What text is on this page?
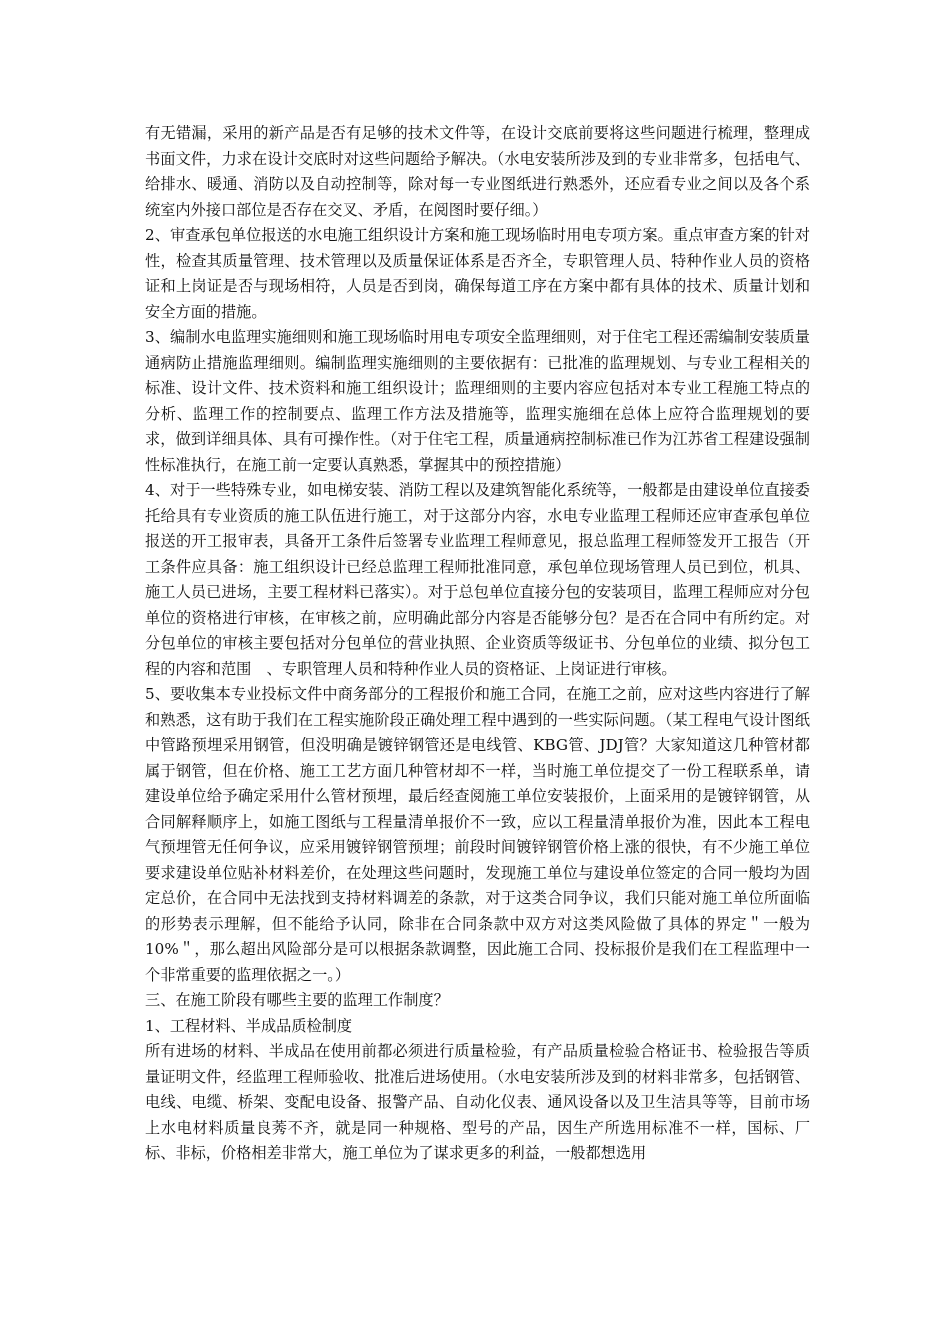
有无错漏，采用的新产品是否有足够的技术文件等，在设计交底前要将这些问题进行梳理，整理成书面文件，力求在设计交底时对这些问题给予解决。（水电安装所涉及到的专业非常多，包括电气、给排水、暖通、消防以及自动控制等，除对每一专业图纸进行熟悉外，还应看专业之间以及各个系统室内外接口部位是否存在交叉、矛盾，在阅图时要仔细。）

2、审查承包单位报送的水电施工组织设计方案和施工现场临时用电专项方案。重点审查方案的针对性，检查其质量管理、技术管理以及质量保证体系是否齐全，专职管理人员、特种作业人员的资格证和上岗证是否与现场相符，人员是否到岗，确保每道工序在方案中都有具体的技术、质量计划和安全方面的措施。

3、编制水电监理实施细则和施工现场临时用电专项安全监理细则，对于住宅工程还需编制安装质量通病防止措施监理细则。编制监理实施细则的主要依据有：已批准的监理规划、与专业工程相关的标准、设计文件、技术资料和施工组织设计；监理细则的主要内容应包括对本专业工程施工特点的分析、监理工作的控制要点、监理工作方法及措施等，监理实施细在总体上应符合监理规划的要求，做到详细具体、具有可操作性。（对于住宅工程，质量通病控制标准已作为江苏省工程建设强制性标准执行，在施工前一定要认真熟悉，掌握其中的预控措施）

4、对于一些特殊专业，如电梯安装、消防工程以及建筑智能化系统等，一般都是由建设单位直接委托给具有专业资质的施工队伍进行施工，对于这部分内容，水电专业监理工程师还应审查承包单位报送的开工报审表，具备开工条件后签署专业监理工程师意见，报总监理工程师签发开工报告（开工条件应具备：施工组织设计已经总监理工程师批准同意，承包单位现场管理人员已到位，机具、施工人员已进场，主要工程材料已落实）。对于总包单位直接分包的安装项目，监理工程师应对分包单位的资格进行审核，在审核之前，应明确此部分内容是否能够分包？是否在合同中有所约定。对分包单位的审核主要包括对分包单位的营业执照、企业资质等级证书、分包单位的业绩、拟分包工程的内容和范围　、专职管理人员和特种作业人员的资格证、上岗证进行审核。

5、要收集本专业投标文件中商务部分的工程报价和施工合同，在施工之前，应对这些内容进行了解和熟悉，这有助于我们在工程实施阶段正确处理工程中遇到的一些实际问题。（某工程电气设计图纸中管路预埋采用钢管，但没明确是镀锌钢管还是电线管、KBG管、JDJ管？大家知道这几种管材都属于钢管，但在价格、施工工艺方面几种管材却不一样，当时施工单位提交了一份工程联系单，请建设单位给予确定采用什么管材预埋，最后经查阅施工单位安装报价，上面采用的是镀锌钢管，从合同解释顺序上，如施工图纸与工程量清单报价不一致，应以工程量清单报价为准，因此本工程电气预埋管无任何争议，应采用镀锌钢管预埋；前段时间镀锌钢管价格上涨的很快，有不少施工单位要求建设单位贴补材料差价，在处理这些问题时，发现施工单位与建设单位签定的合同一般均为固定总价，在合同中无法找到支持材料调差的条款，对于这类合同争议，我们只能对施工单位所面临的形势表示理解，但不能给予认同，除非在合同条款中双方对这类风险做了具体的界定＂一般为10%＂，那么超出风险部分是可以根据条款调整，因此施工合同、投标报价是我们在工程监理中一个非常重要的监理依据之一。）

三、在施工阶段有哪些主要的监理工作制度？

1、工程材料、半成品质检制度

所有进场的材料、半成品在使用前都必须进行质量检验，有产品质量检验合格证书、检验报告等质量证明文件，经监理工程师验收、批准后进场使用。（水电安装所涉及到的材料非常多，包括钢管、电线、电缆、桥架、变配电设备、报警产品、自动化仪表、通风设备以及卫生洁具等等，目前市场上水电材料质量良莠不齐，就是同一种规格、型号的产品，因生产所选用标准不一样，国标、厂标、非标，价格相差非常大，施工单位为了谋求更多的利益，一般都想选用
